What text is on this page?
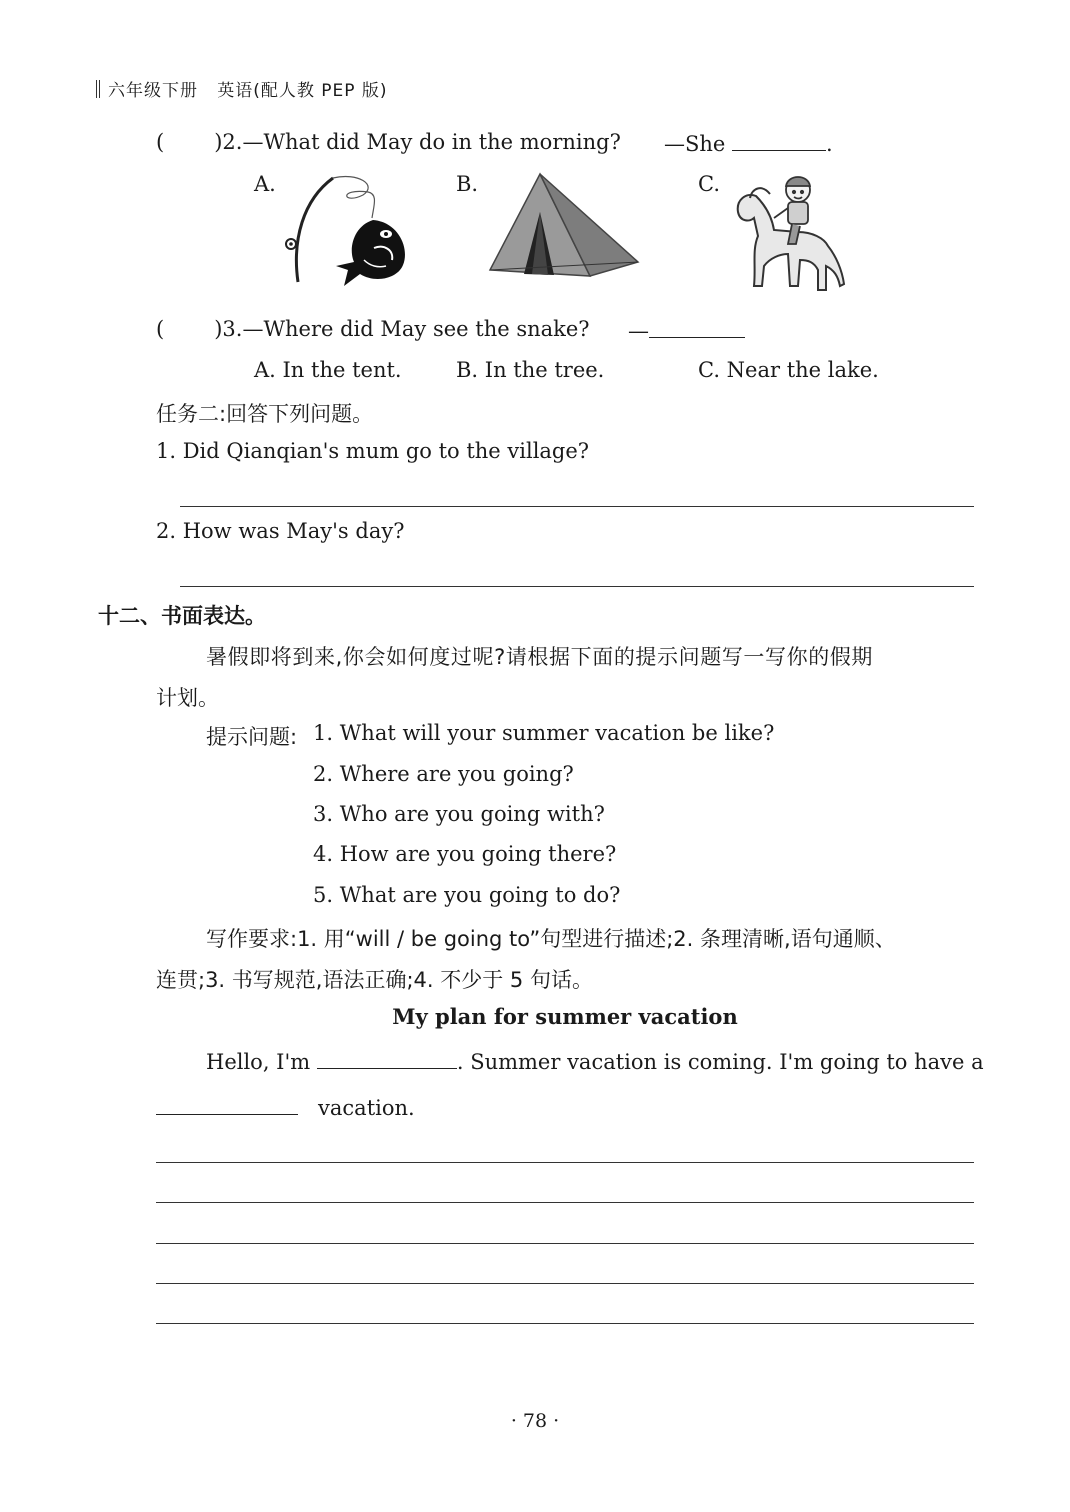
六年级下册 英语(配人教 PEP 版)
( )2.—What did May do in the morning? —She	.
A.	B.	C.
( )3.—Where did May see the snake? —
A. In the tent.	B. In the tree.	C. Near the lake.
任务二:回答下列问题。
1. Did Qianqian's mum go to the village?
2. How was May's day?
十二、书面表达。
暑假即将到来,你会如何度过呢?请根据下面的提示问题写一写你的假期
计划。
提示问题: 1. What will your summer vacation be like?
2. Where are you going?
3. Who are you going with?
4. How are you going there?
5. What are you going to do?
写作要求:1. 用“will / be going to”句型进行描述;2. 条理清晰,语句通顺、
连贯;3. 书写规范,语法正确;4. 不少于 5 句话。
My plan for summer vacation
Hello, I'm	. Summer vacation is coming. I'm going to have a
vacation.
· 78 ·
